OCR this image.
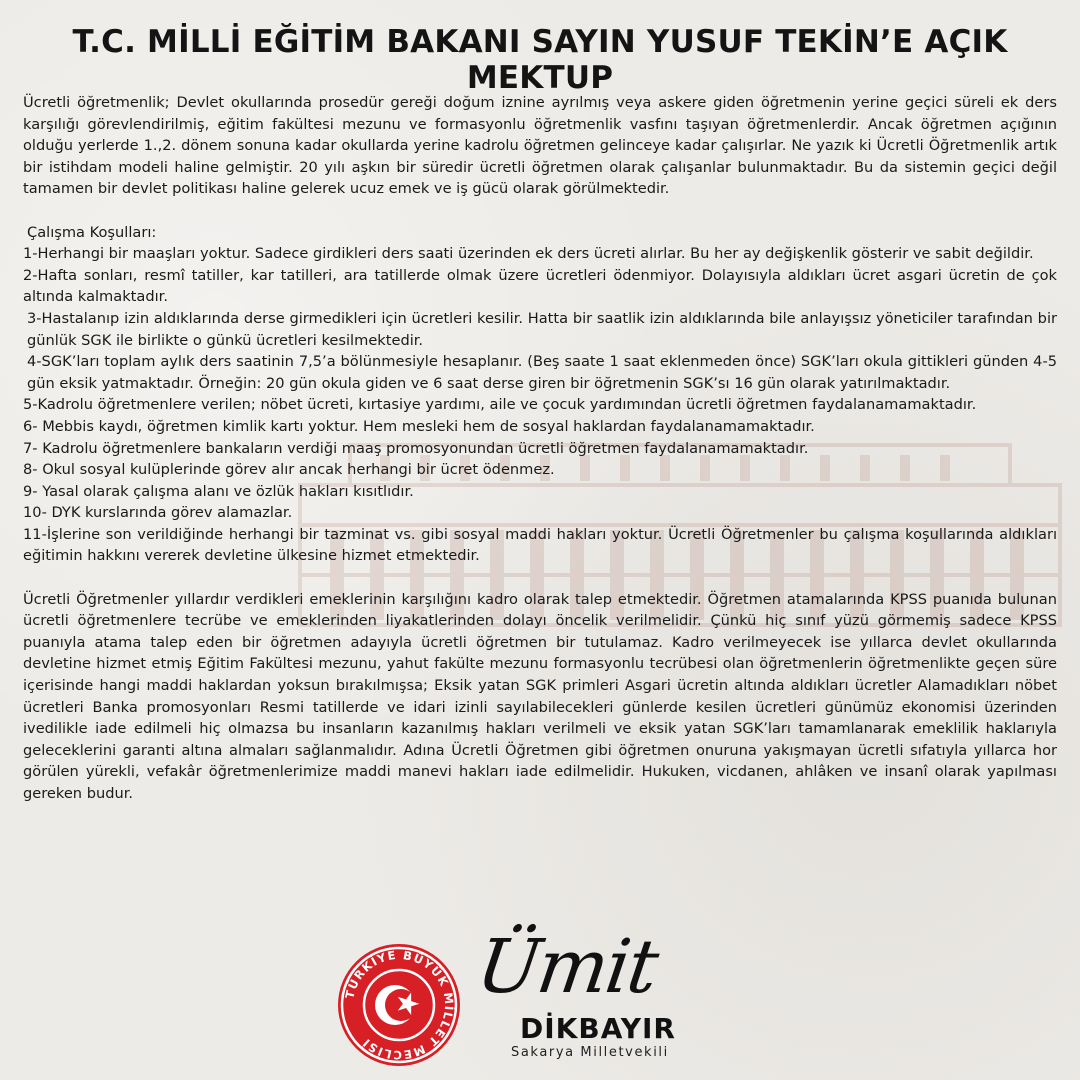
T.C. MİLLİ EĞİTİM BAKANI SAYIN YUSUF TEKİN’E AÇIK MEKTUP

Ücretli öğretmenlik; Devlet okullarında prosedür gereği doğum iznine ayrılmış veya askere giden öğretmenin yerine geçici süreli ek ders karşılığı görevlendirilmiş, eğitim fakültesi mezunu ve formasyonlu öğretmenlik vasfını taşıyan öğretmenlerdir. Ancak öğretmen açığının olduğu yerlerde 1.,2. dönem sonuna kadar okullarda yerine kadrolu öğretmen gelinceye kadar çalışırlar. Ne yazık ki Ücretli Öğretmenlik artık bir istihdam modeli haline gelmiştir. 20 yılı aşkın bir süredir ücretli öğretmen olarak çalışanlar bulunmaktadır. Bu da sistemin geçici değil tamamen bir devlet politikası haline gelerek ucuz emek ve iş gücü olarak görülmektedir.

Çalışma Koşulları:

1-Herhangi bir maaşları yoktur. Sadece girdikleri ders saati üzerinden ek ders ücreti alırlar. Bu her ay değişkenlik gösterir ve sabit değildir.

2-Hafta sonları, resmî tatiller, kar tatilleri, ara tatillerde olmak üzere ücretleri ödenmiyor. Dolayısıyla aldıkları ücret asgari ücretin de çok altında kalmaktadır.

3-Hastalanıp izin aldıklarında derse girmedikleri için ücretleri kesilir. Hatta bir saatlik izin aldıklarında bile anlayışsız yöneticiler tarafından bir günlük SGK ile birlikte o günkü ücretleri kesilmektedir.

4-SGK’ları toplam aylık ders saatinin 7,5’a bölünmesiyle hesaplanır. (Beş saate 1 saat eklenmeden önce) SGK’ları okula gittikleri günden 4-5 gün eksik yatmaktadır. Örneğin: 20 gün okula giden ve 6 saat derse giren bir öğretmenin SGK’sı 16 gün olarak yatırılmaktadır.

5-Kadrolu öğretmenlere verilen; nöbet ücreti, kırtasiye yardımı, aile ve çocuk yardımından ücretli öğretmen faydalanamamaktadır.

6- Mebbis kaydı, öğretmen kimlik kartı yoktur. Hem mesleki hem de sosyal haklardan faydalanamamaktadır.

7- Kadrolu öğretmenlere bankaların verdiği maaş promosyonundan ücretli öğretmen faydalanamamaktadır.

8- Okul sosyal kulüplerinde görev alır ancak herhangi bir ücret ödenmez.

9- Yasal olarak çalışma alanı ve özlük hakları kısıtlıdır.

10- DYK kurslarında görev alamazlar.

11-İşlerine son verildiğinde herhangi bir tazminat vs. gibi sosyal maddi hakları yoktur. Ücretli Öğretmenler bu çalışma koşullarında aldıkları eğitimin hakkını vererek devletine ülkesine hizmet etmektedir.

Ücretli Öğretmenler yıllardır verdikleri emeklerinin karşılığını kadro olarak talep etmektedir. Öğretmen atamalarında KPSS puanıda bulunan ücretli öğretmenlere tecrübe ve emeklerinden liyakatlerinden dolayı öncelik verilmelidir. Çünkü hiç sınıf yüzü görmemiş sadece KPSS puanıyla atama talep eden bir öğretmen adayıyla ücretli öğretmen bir tutulamaz. Kadro verilmeyecek ise yıllarca devlet okullarında devletine hizmet etmiş Eğitim Fakültesi mezunu, yahut fakülte mezunu formasyonlu tecrübesi olan öğretmenlerin öğretmenlikte geçen süre içerisinde hangi maddi haklardan yoksun bırakılmışsa; Eksik yatan SGK primleri Asgari ücretin altında aldıkları ücretler Alamadıkları nöbet ücretleri Banka promosyonları Resmi tatillerde ve idari izinli sayılabilecekleri günlerde kesilen ücretleri günümüz ekonomisi üzerinden ivedilikle iade edilmeli hiç olmazsa bu insanların kazanılmış hakları verilmeli ve eksik yatan SGK’ları tamamlanarak emeklilik haklarıyla geleceklerini garanti altına almaları sağlanmalıdır. Adına Ücretli Öğretmen gibi öğretmen onuruna yakışmayan ücretli sıfatıyla yıllarca hor görülen yürekli, vefakâr öğretmenlerimize maddi manevi hakları iade edilmelidir. Hukuken, vicdanen, ahlâken ve insanî olarak yapılması gereken budur.

TÜRKİYE BÜYÜK MİLLET MECLİSİ
Ümit
DİKBAYIR
Sakarya Milletvekili
